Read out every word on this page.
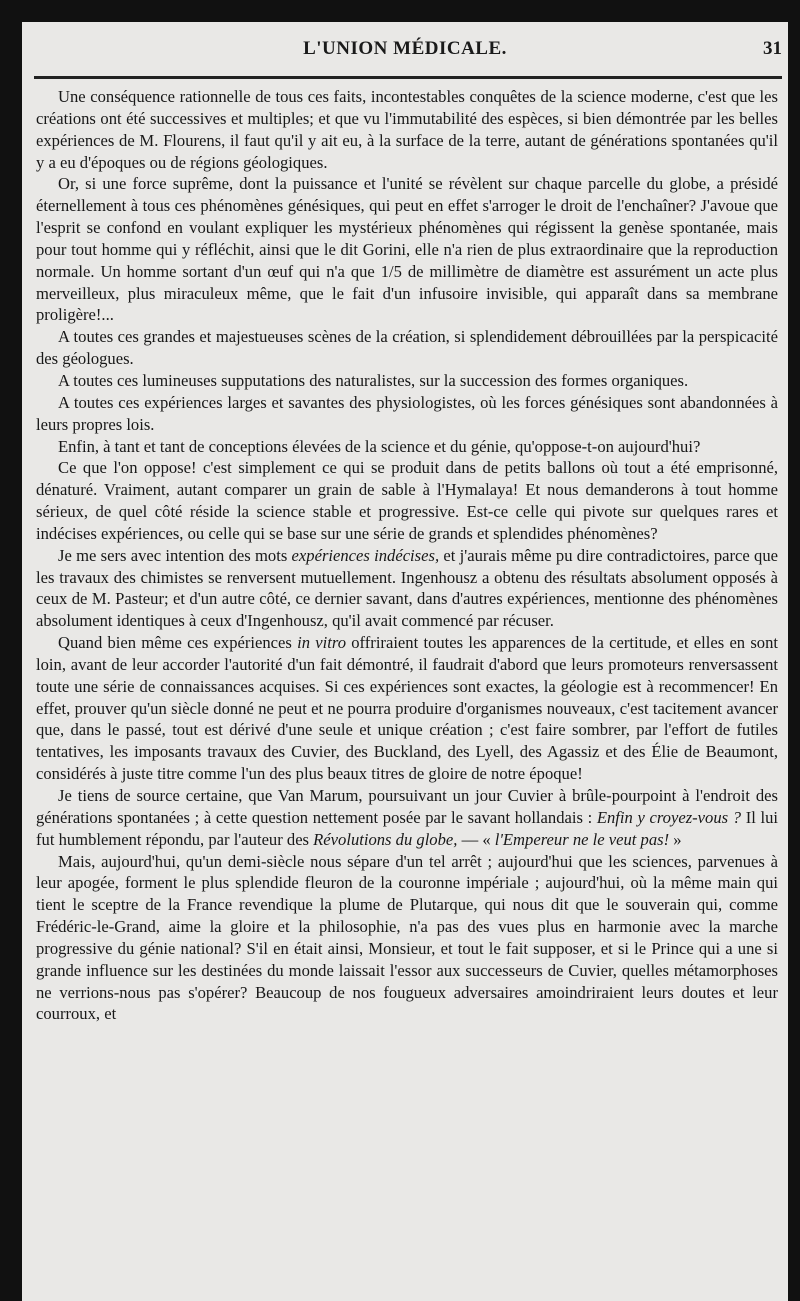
L'UNION MÉDICALE.	31

Une conséquence rationnelle de tous ces faits, incontestables conquêtes de la science moderne, c'est que les créations ont été successives et multiples; et que vu l'immutabilité des espèces, si bien démontrée par les belles expériences de M. Flourens, il faut qu'il y ait eu, à la surface de la terre, autant de générations spontanées qu'il y a eu d'époques ou de régions géologiques.

Or, si une force suprême, dont la puissance et l'unité se révèlent sur chaque parcelle du globe, a présidé éternellement à tous ces phénomènes génésiques, qui peut en effet s'arroger le droit de l'enchaîner? J'avoue que l'esprit se confond en voulant expliquer les mystérieux phénomènes qui régissent la genèse spontanée, mais pour tout homme qui y réfléchit, ainsi que le dit Gorini, elle n'a rien de plus extraordinaire que la reproduction normale. Un homme sortant d'un œuf qui n'a que 1/5 de millimètre de diamètre est assurément un acte plus merveilleux, plus miraculeux même, que le fait d'un infusoire invisible, qui apparaît dans sa membrane proligère!...

A toutes ces grandes et majestueuses scènes de la création, si splendidement débrouillées par la perspicacité des géologues.

A toutes ces lumineuses supputations des naturalistes, sur la succession des formes organiques.

A toutes ces expériences larges et savantes des physiologistes, où les forces génésiques sont abandonnées à leurs propres lois.

Enfin, à tant et tant de conceptions élevées de la science et du génie, qu'oppose-t-on aujourd'hui?

Ce que l'on oppose! c'est simplement ce qui se produit dans de petits ballons où tout a été emprisonné, dénaturé. Vraiment, autant comparer un grain de sable à l'Hymalaya! Et nous demanderons à tout homme sérieux, de quel côté réside la science stable et progressive. Est-ce celle qui pivote sur quelques rares et indécises expériences, ou celle qui se base sur une série de grands et splendides phénomènes?

Je me sers avec intention des mots expériences indécises, et j'aurais même pu dire contradictoires, parce que les travaux des chimistes se renversent mutuellement. Ingenhousz a obtenu des résultats absolument opposés à ceux de M. Pasteur; et d'un autre côté, ce dernier savant, dans d'autres expériences, mentionne des phénomènes absolument identiques à ceux d'Ingenhousz, qu'il avait commencé par récuser.

Quand bien même ces expériences in vitro offriraient toutes les apparences de la certitude, et elles en sont loin, avant de leur accorder l'autorité d'un fait démontré, il faudrait d'abord que leurs promoteurs renversassent toute une série de connaissances acquises. Si ces expériences sont exactes, la géologie est à recommencer! En effet, prouver qu'un siècle donné ne peut et ne pourra produire d'organismes nouveaux, c'est tacitement avancer que, dans le passé, tout est dérivé d'une seule et unique création ; c'est faire sombrer, par l'effort de futiles tentatives, les imposants travaux des Cuvier, des Buckland, des Lyell, des Agassiz et des Élie de Beaumont, considérés à juste titre comme l'un des plus beaux titres de gloire de notre époque!

Je tiens de source certaine, que Van Marum, poursuivant un jour Cuvier à brûle-pourpoint à l'endroit des générations spontanées ; à cette question nettement posée par le savant hollandais : Enfin y croyez-vous ? Il lui fut humblement répondu, par l'auteur des Révolutions du globe, — « l'Empereur ne le veut pas! »

Mais, aujourd'hui, qu'un demi-siècle nous sépare d'un tel arrêt ; aujourd'hui que les sciences, parvenues à leur apogée, forment le plus splendide fleuron de la couronne impériale ; aujourd'hui, où la même main qui tient le sceptre de la France revendique la plume de Plutarque, qui nous dit que le souverain qui, comme Frédéric-le-Grand, aime la gloire et la philosophie, n'a pas des vues plus en harmonie avec la marche progressive du génie national? S'il en était ainsi, Monsieur, et tout le fait supposer, et si le Prince qui a une si grande influence sur les destinées du monde laissait l'essor aux successeurs de Cuvier, quelles métamorphoses ne verrions-nous pas s'opérer? Beaucoup de nos fougueux adversaires amoindriraient leurs doutes et leur courroux, et
